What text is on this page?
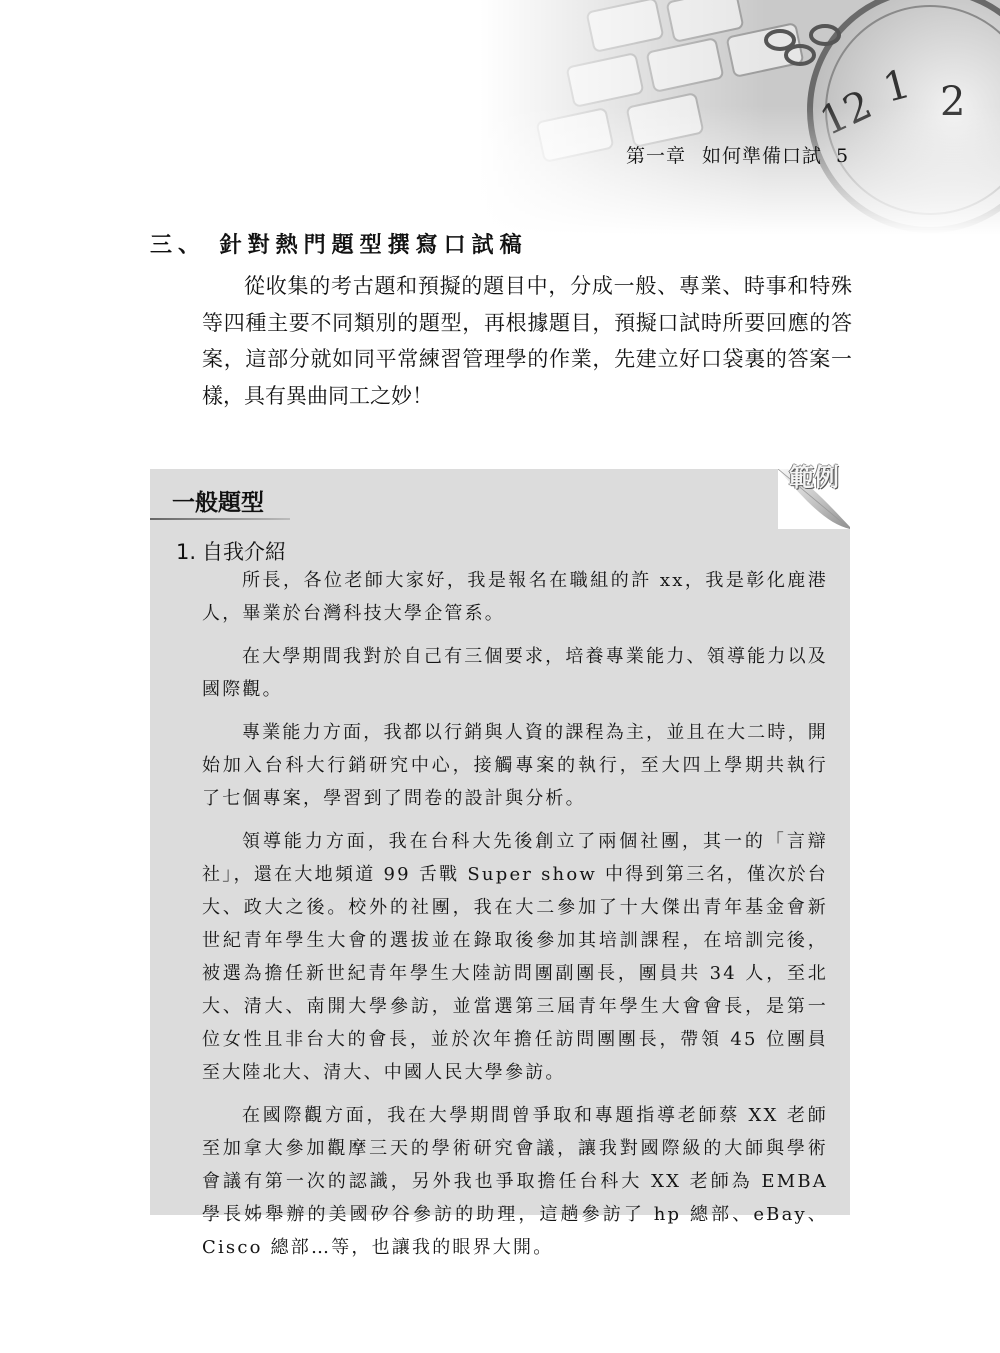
第一章 如何準備口試 5
三、 針對熱門題型撰寫口試稿
從收集的考古題和預擬的題目中，分成一般、專業、時事和特殊等四種主要不同類別的題型，再根據題目，預擬口試時所要回應的答案，這部分就如同平常練習管理學的作業，先建立好口袋裏的答案一樣，具有異曲同工之妙！
範例
一般題型
1. 自我介紹

所長，各位老師大家好，我是報名在職組的許 xx，我是彰化鹿港人，畢業於台灣科技大學企管系。

在大學期間我對於自己有三個要求，培養專業能力、領導能力以及國際觀。

專業能力方面，我都以行銷與人資的課程為主，並且在大二時，開始加入台科大行銷研究中心，接觸專案的執行，至大四上學期共執行了七個專案，學習到了問卷的設計與分析。

領導能力方面，我在台科大先後創立了兩個社團，其一的「言辯社」，還在大地頻道 99 舌戰 Super show 中得到第三名，僅次於台大、政大之後。校外的社團，我在大二參加了十大傑出青年基金會新世紀青年學生大會的選拔並在錄取後參加其培訓課程，在培訓完後，被選為擔任新世紀青年學生大陸訪問團副團長，團員共 34 人，至北大、清大、南開大學參訪，並當選第三屆青年學生大會會長，是第一位女性且非台大的會長，並於次年擔任訪問團團長，帶領 45 位團員至大陸北大、清大、中國人民大學參訪。

在國際觀方面，我在大學期間曾爭取和專題指導老師蔡 XX 老師至加拿大參加觀摩三天的學術研究會議，讓我對國際級的大師與學術會議有第一次的認識，另外我也爭取擔任台科大 XX 老師為 EMBA 學長姊舉辦的美國矽谷參訪的助理，這趟參訪了 hp 總部、eBay、Cisco 總部…等，也讓我的眼界大開。
